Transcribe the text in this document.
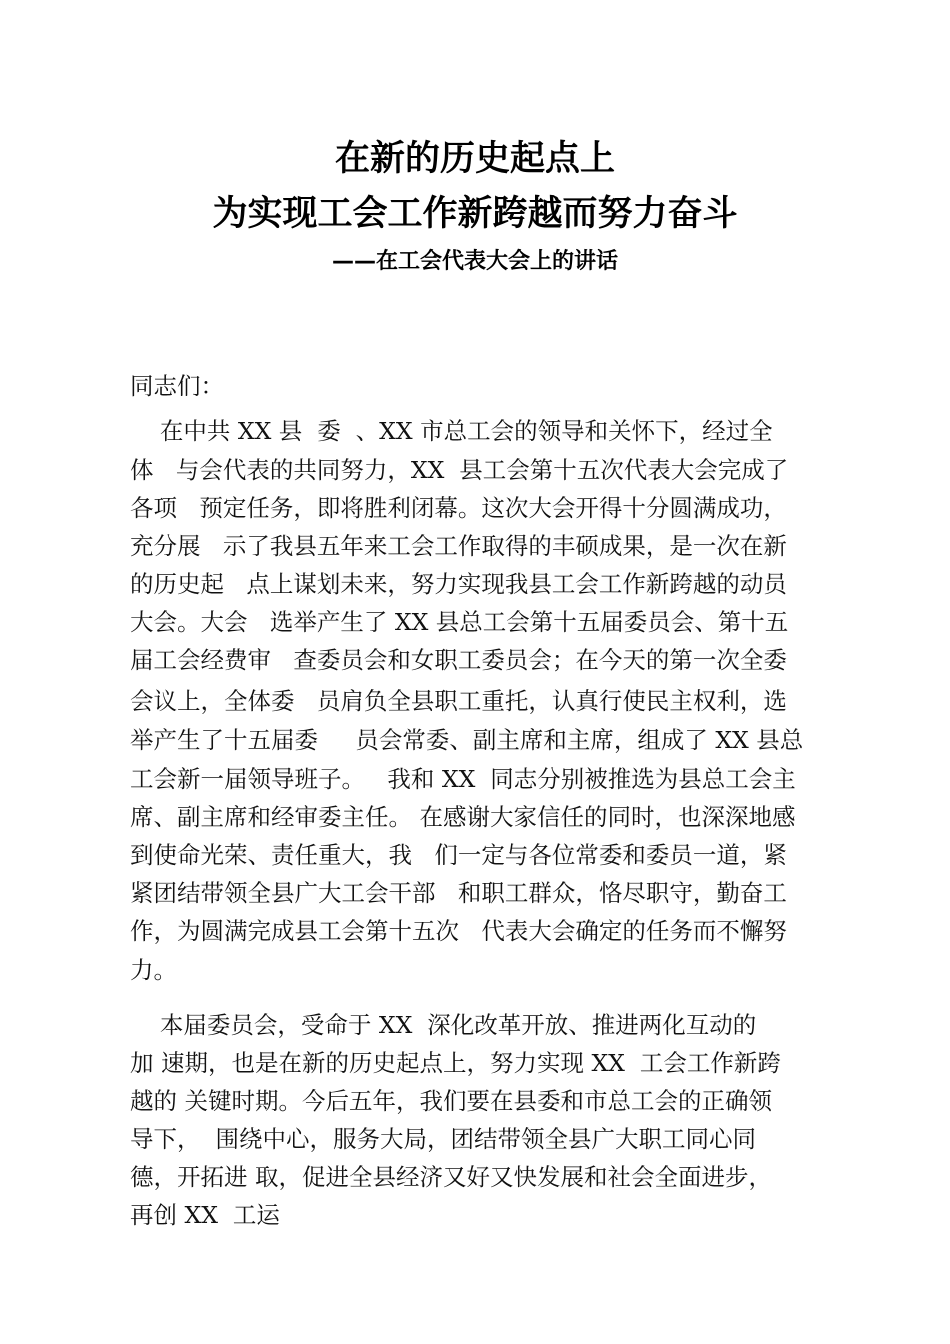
在新的历史起点上
为实现工会工作新跨越而努力奋斗
——在工会代表大会上的讲话
同志们：
在中共 XX 县  委  、XX 市总工会的领导和关怀下，经过全
体   与会代表的共同努力，XX  县工会第十五次代表大会完成了
各项   预定任务，即将胜利闭幕。这次大会开得十分圆满成功，
充分展   示了我县五年来工会工作取得的丰硕成果，是一次在新
的历史起   点上谋划未来，努力实现我县工会工作新跨越的动员
大会。大会   选举产生了 XX 县总工会第十五届委员会、第十五
届工会经费审   查委员会和女职工委员会；在今天的第一次全委
会议上，全体委   员肩负全县职工重托，认真行使民主权利，选
举产生了十五届委     员会常委、副主席和主席，组成了 XX 县总
工会新一届领导班子。   我和 XX  同志分别被推选为县总工会主
席、副主席和经审委主任。 在感谢大家信任的同时，也深深地感
到使命光荣、责任重大，我   们一定与各位常委和委员一道，紧
紧团结带领全县广大工会干部   和职工群众，恪尽职守，勤奋工
作，为圆满完成县工会第十五次   代表大会确定的任务而不懈努
力。
本届委员会，受命于 XX  深化改革开放、推进两化互动的
加 速期，也是在新的历史起点上，努力实现 XX  工会工作新跨
越的 关键时期。今后五年，我们要在县委和市总工会的正确领
导下，  围绕中心，服务大局，团结带领全县广大职工同心同
德，开拓进 取，促进全县经济又好又快发展和社会全面进步，
再创 XX  工运
